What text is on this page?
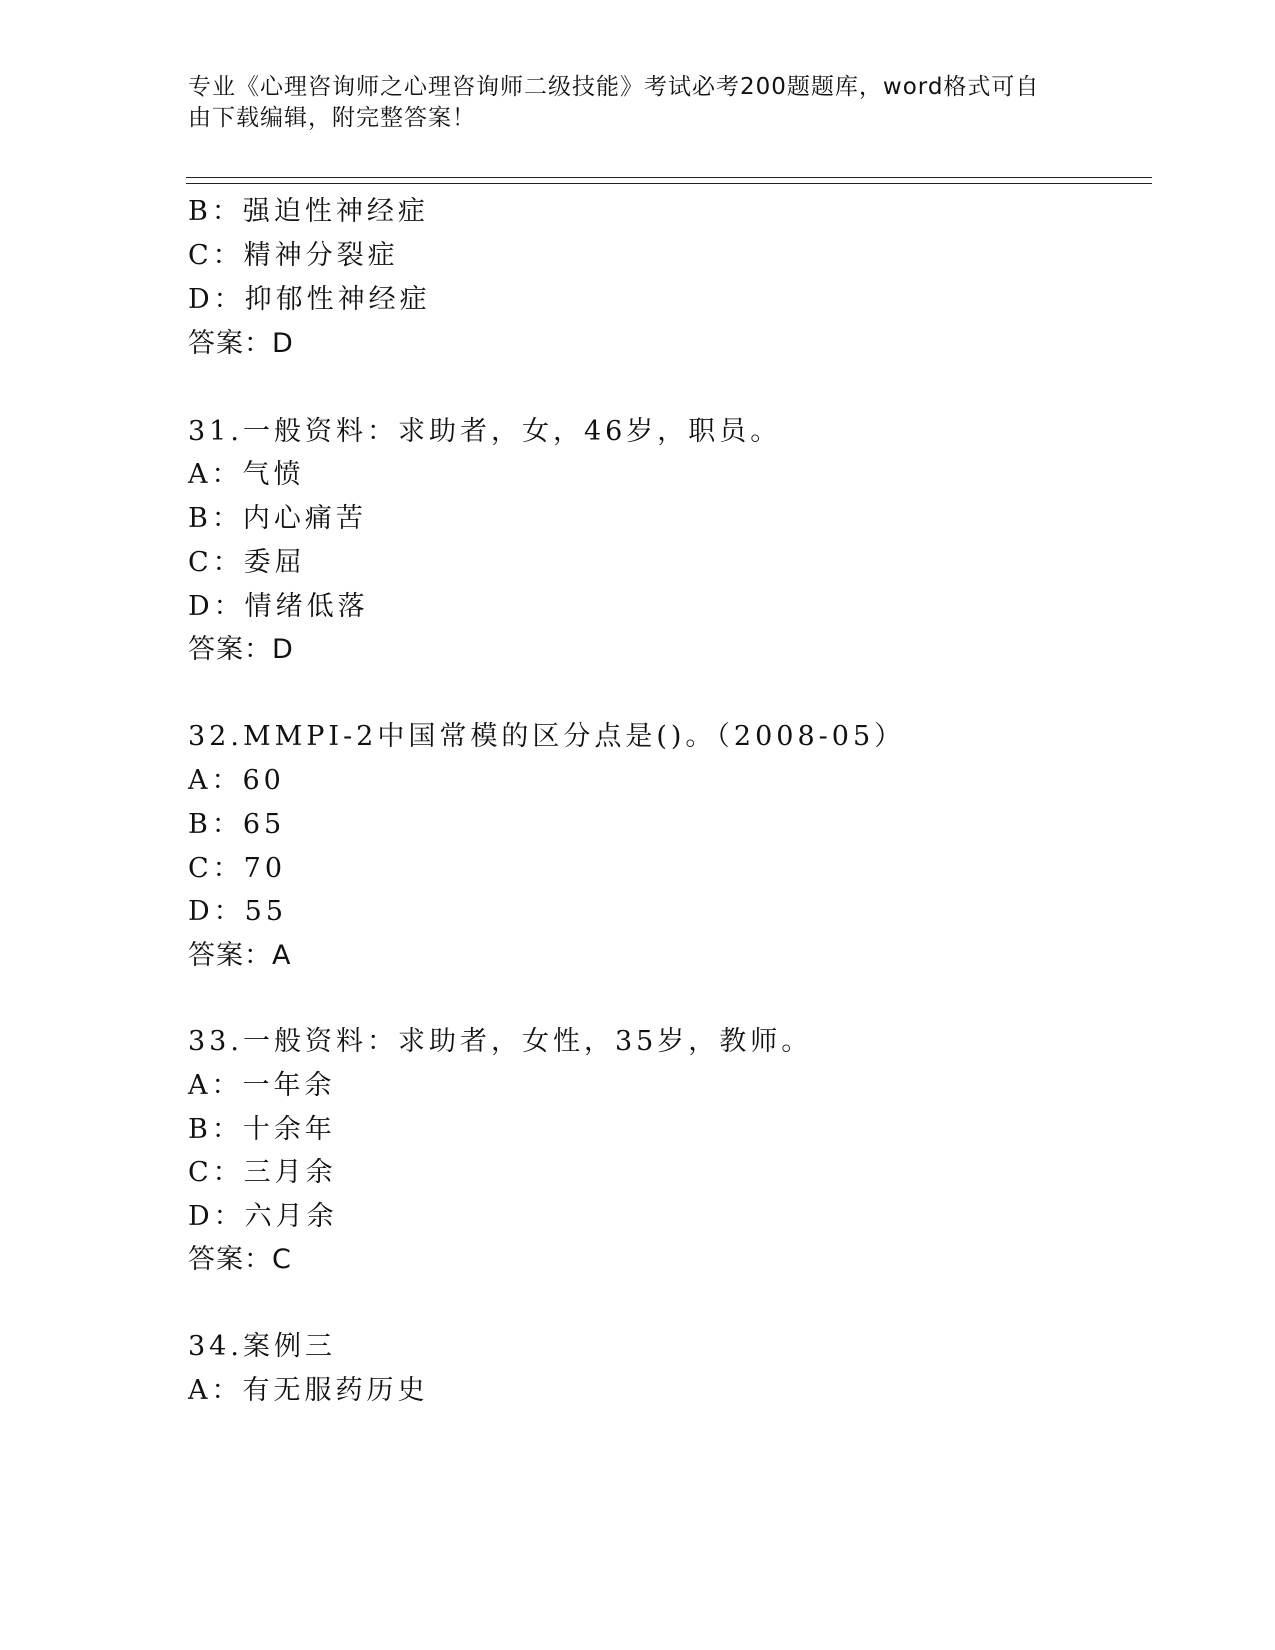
专业《心理咨询师之心理咨询师二级技能》考试必考200题题库，word格式可自
由下载编辑，附完整答案！
B：强迫性神经症
C：精神分裂症
D：抑郁性神经症
答案：D
31.一般资料：求助者，女，46岁，职员。
A：气愤
B：内心痛苦
C：委屈
D：情绪低落
答案：D
32.MMPI-2中国常模的区分点是()。（2008-05）
A：60
B：65
C：70
D：55
答案：A
33.一般资料：求助者，女性，35岁，教师。
A：一年余
B：十余年
C：三月余
D：六月余
答案：C
34.案例三
A：有无服药历史
